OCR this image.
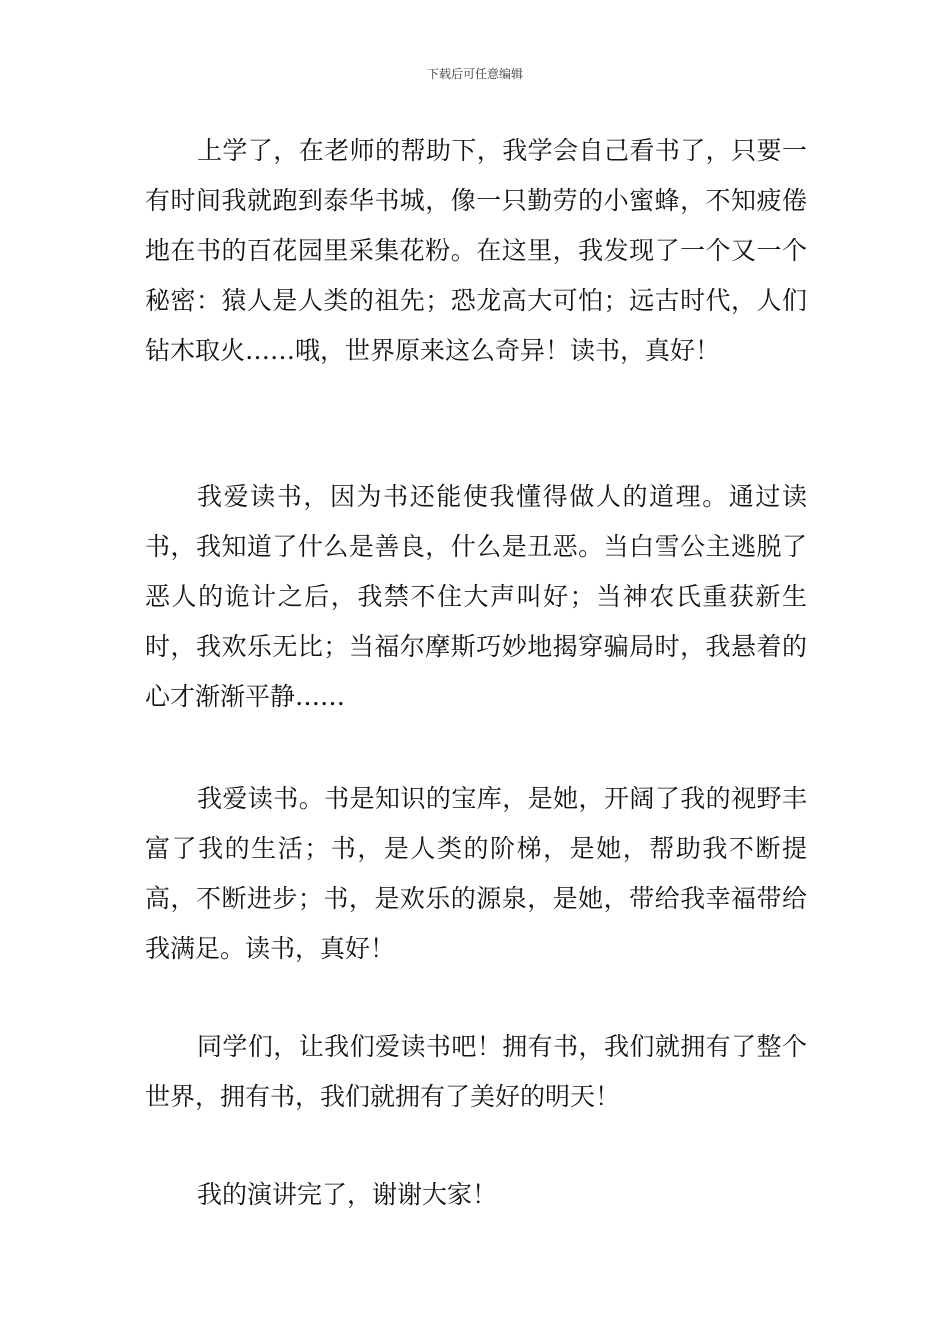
下载后可任意编辑

上学了，在老师的帮助下，我学会自己看书了，只要一有时间我就跑到泰华书城，像一只勤劳的小蜜蜂，不知疲倦地在书的百花园里采集花粉。在这里，我发现了一个又一个秘密：猿人是人类的祖先；恐龙高大可怕；远古时代，人们钻木取火……哦，世界原来这么奇异！读书，真好！

我爱读书，因为书还能使我懂得做人的道理。通过读书，我知道了什么是善良，什么是丑恶。当白雪公主逃脱了恶人的诡计之后，我禁不住大声叫好；当神农氏重获新生时，我欢乐无比；当福尔摩斯巧妙地揭穿骗局时，我悬着的心才渐渐平静……

我爱读书。书是知识的宝库，是她，开阔了我的视野丰富了我的生活；书，是人类的阶梯，是她，帮助我不断提高，不断进步；书，是欢乐的源泉，是她，带给我幸福带给我满足。读书，真好！

同学们，让我们爱读书吧！拥有书，我们就拥有了整个世界，拥有书，我们就拥有了美好的明天！

我的演讲完了，谢谢大家！
